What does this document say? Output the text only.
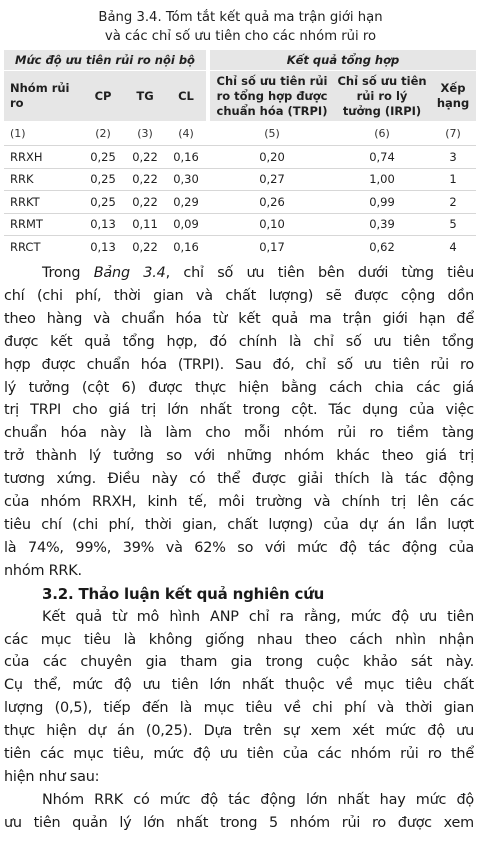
Bảng 3.4. Tóm tắt kết quả ma trận giới hạn
và các chỉ số ưu tiên cho các nhóm rủi ro
Mức độ ưu tiên rủi ro nội bộ					Kết quả tổng hợp		
Nhóm rủi ro	CP	TG	CL		Chỉ số ưu tiên rủi ro tổng hợp được chuẩn hóa (TRPI)	Chỉ số ưu tiên rủi ro lý tưởng (IRPI)	Xếp hạng
(1)	(2)	(3)	(4)		(5)	(6)	(7)
RRXH	0,25	0,22	0,16		0,20	0,74	3
RRK	0,25	0,22	0,30		0,27	1,00	1
RRKT	0,25	0,22	0,29		0,26	0,99	2
RRMT	0,13	0,11	0,09		0,10	0,39	5
RRCT	0,13	0,22	0,16		0,17	0,62	4

Trong Bảng 3.4, chỉ số ưu tiên bên dưới từng tiêu

chí (chi phí, thời gian và chất lượng) sẽ được cộng dồn
theo hàng và chuẩn hóa từ kết quả ma trận giới hạn để
được kết quả tổng hợp, đó chính là chỉ số ưu tiên tổng
hợp được chuẩn hóa (TRPI). Sau đó, chỉ số ưu tiên rủi ro
lý tưởng (cột 6) được thực hiện bằng cách chia các giá
trị TRPI cho giá trị lớn nhất trong cột. Tác dụng của việc
chuẩn hóa này là làm cho mỗi nhóm rủi ro tiềm tàng
trở thành lý tưởng so với những nhóm khác theo giá trị
tương xứng. Điều này có thể được giải thích là tác động
của nhóm RRXH, kinh tế, môi trường và chính trị lên các
tiêu chí (chi phí, thời gian, chất lượng) của dự án lần lượt
là 74%, 99%, 39% và 62% so với mức độ tác động của
nhóm RRK.

3.2. Thảo luận kết quả nghiên cứu

Kết quả từ mô hình ANP chỉ ra rằng, mức độ ưu tiên

các mục tiêu là không giống nhau theo cách nhìn nhận
của các chuyên gia tham gia trong cuộc khảo sát này.
Cụ thể, mức độ ưu tiên lớn nhất thuộc về mục tiêu chất
lượng (0,5), tiếp đến là mục tiêu về chi phí và thời gian
thực hiện dự án (0,25). Dựa trên sự xem xét mức độ ưu
tiên các mục tiêu, mức độ ưu tiên của các nhóm rủi ro thể
hiện như sau:

Nhóm RRK có mức độ tác động lớn nhất hay mức độ

ưu tiên quản lý lớn nhất trong 5 nhóm rủi ro được xem
